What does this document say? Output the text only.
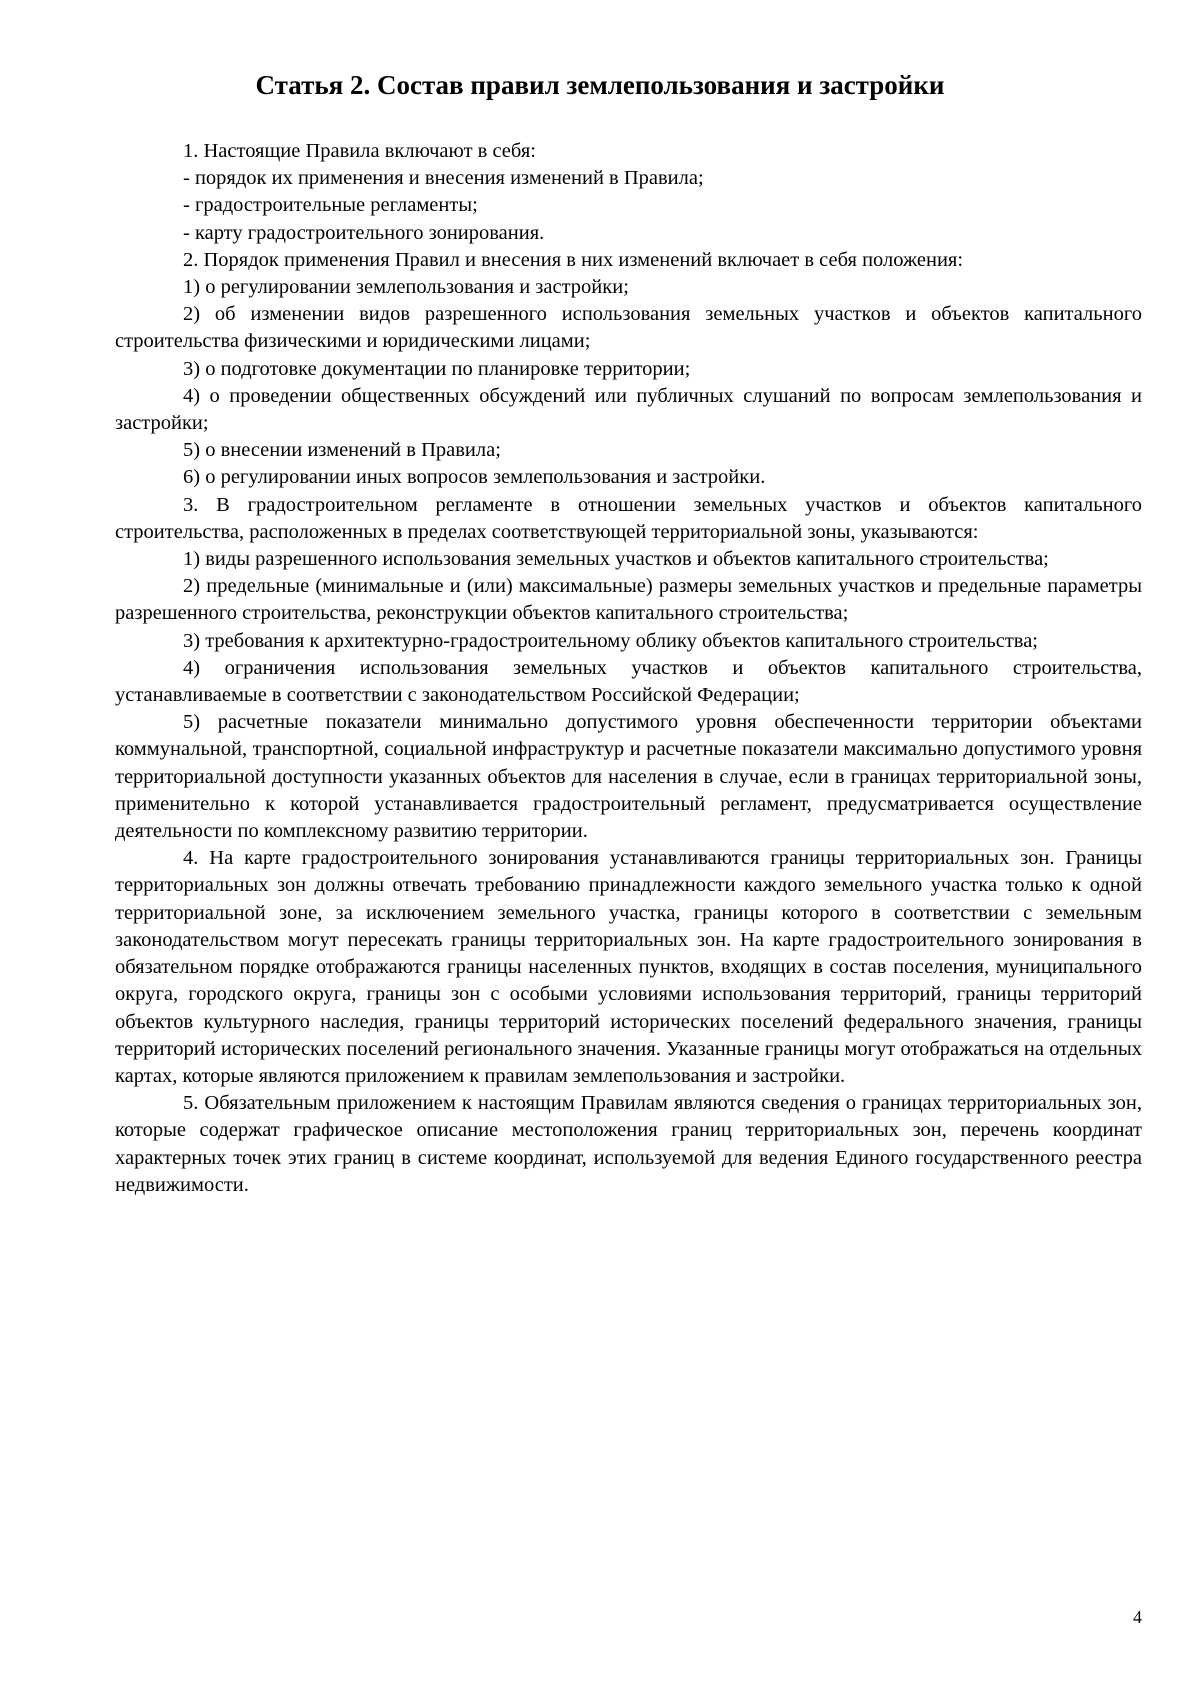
Статья 2. Состав правил землепользования и застройки

1. Настоящие Правила включают в себя:

- порядок их применения и внесения изменений в Правила;

- градостроительные регламенты;

- карту градостроительного зонирования.

2. Порядок применения Правил и внесения в них изменений включает в себя положения:

1) о регулировании землепользования и застройки;

2) об изменении видов разрешенного использования земельных участков и объектов капитального строительства физическими и юридическими лицами;

3) о подготовке документации по планировке территории;

4) о проведении общественных обсуждений или публичных слушаний по вопросам землепользования и застройки;

5) о внесении изменений в Правила;

6) о регулировании иных вопросов землепользования и застройки.

3. В градостроительном регламенте в отношении земельных участков и объектов капитального строительства, расположенных в пределах соответствующей территориальной зоны, указываются:

1) виды разрешенного использования земельных участков и объектов капитального строительства;

2) предельные (минимальные и (или) максимальные) размеры земельных участков и предельные параметры разрешенного строительства, реконструкции объектов капитального строительства;

3) требования к архитектурно-градостроительному облику объектов капитального строительства;

4) ограничения использования земельных участков и объектов капитального строительства, устанавливаемые в соответствии с законодательством Российской Федерации;

5) расчетные показатели минимально допустимого уровня обеспеченности территории объектами коммунальной, транспортной, социальной инфраструктур и расчетные показатели максимально допустимого уровня территориальной доступности указанных объектов для населения в случае, если в границах территориальной зоны, применительно к которой устанавливается градостроительный регламент, предусматривается осуществление деятельности по комплексному развитию территории.

4. На карте градостроительного зонирования устанавливаются границы территориальных зон. Границы территориальных зон должны отвечать требованию принадлежности каждого земельного участка только к одной территориальной зоне, за исключением земельного участка, границы которого в соответствии с земельным законодательством могут пересекать границы территориальных зон. На карте градостроительного зонирования в обязательном порядке отображаются границы населенных пунктов, входящих в состав поселения, муниципального округа, городского округа, границы зон с особыми условиями использования территорий, границы территорий объектов культурного наследия, границы территорий исторических поселений федерального значения, границы территорий исторических поселений регионального значения. Указанные границы могут отображаться на отдельных картах, которые являются приложением к правилам землепользования и застройки.

5. Обязательным приложением к настоящим Правилам являются сведения о границах территориальных зон, которые содержат графическое описание местоположения границ территориальных зон, перечень координат характерных точек этих границ в системе координат, используемой для ведения Единого государственного реестра недвижимости.

4
